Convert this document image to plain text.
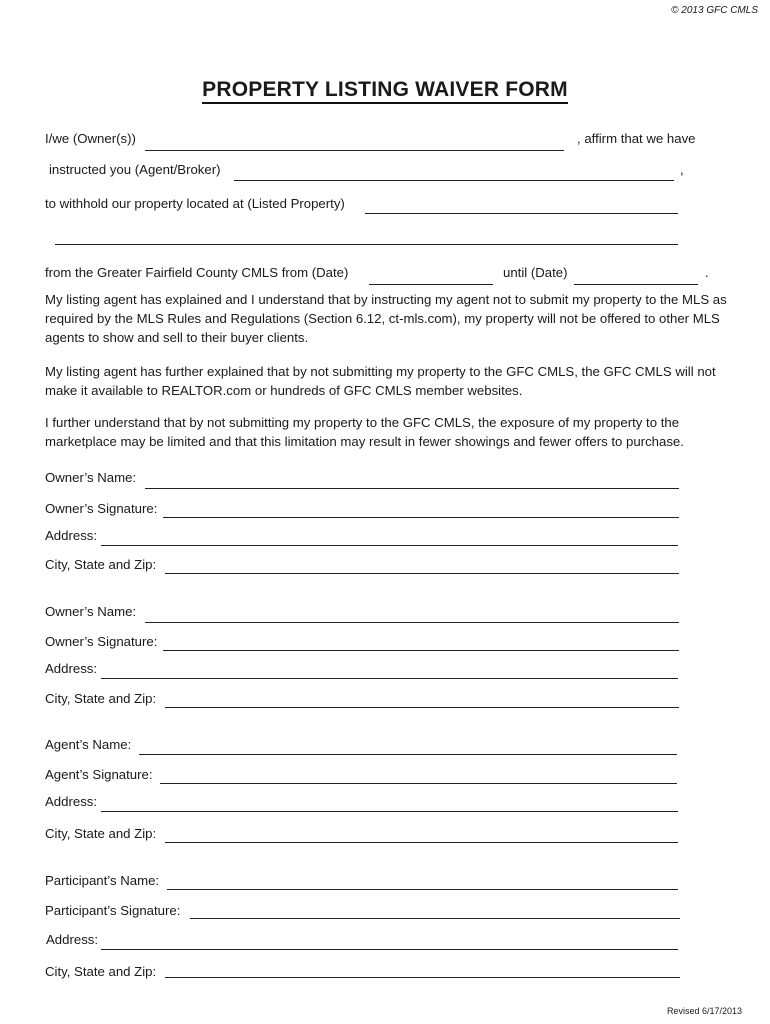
© 2013 GFC CMLS
PROPERTY LISTING WAIVER FORM
I/we (Owner(s))	, affirm that we have
instructed you (Agent/Broker)	,
to withhold our property located at (Listed Property)
from the Greater Fairfield County CMLS from (Date)	until (Date)	.
My listing agent has explained and I understand that by instructing my agent not to submit my property to the MLS as required by the MLS Rules and Regulations (Section 6.12, ct-mls.com), my property will not be offered to other MLS agents to show and sell to their buyer clients.
My listing agent has further explained that by not submitting my property to the GFC CMLS, the GFC CMLS will not make it available to REALTOR.com or hundreds of GFC CMLS member websites.
I further understand that by not submitting my property to the GFC CMLS, the exposure of my property to the marketplace may be limited and that this limitation may result in fewer showings and fewer offers to purchase.
Owner’s Name:
Owner’s Signature:
Address:
City, State and Zip:
Owner’s Name:
Owner’s Signature:
Address:
City, State and Zip:
Agent’s Name:
Agent’s Signature:
Address:
City, State and Zip:
Participant’s Name:
Participant’s Signature:
Address:
City, State and Zip:
Revised 6/17/2013
